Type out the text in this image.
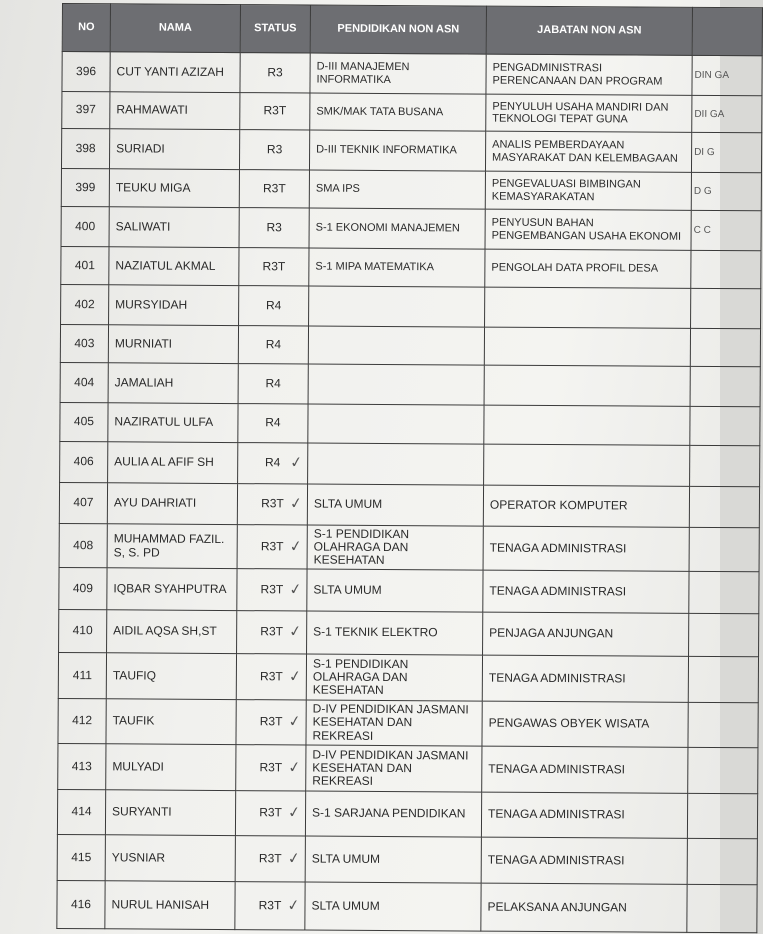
NO	NAMA	STATUS	PENDIDIKAN NON ASN	JABATAN NON ASN	
396	CUT YANTI AZIZAH	R3	D-III MANAJEMEN INFORMATIKA	PENGADMINISTRASI PERENCANAAN DAN PROGRAM	DIN GA
397	RAHMAWATI	R3T	SMK/MAK TATA BUSANA	PENYULUH USAHA MANDIRI DAN TEKNOLOGI TEPAT GUNA	DII GA
398	SURIADI	R3	D-III TEKNIK INFORMATIKA	ANALIS PEMBERDAYAAN MASYARAKAT DAN KELEMBAGAAN	DI G
399	TEUKU MIGA	R3T	SMA IPS	PENGEVALUASI BIMBINGAN KEMASYARAKATAN	D G
400	SALIWATI	R3	S-1 EKONOMI MANAJEMEN	PENYUSUN BAHAN PENGEMBANGAN USAHA EKONOMI	C C
401	NAZIATUL AKMAL	R3T	S-1 MIPA MATEMATIKA	PENGOLAH DATA PROFIL DESA	
402	MURSYIDAH	R4			
403	MURNIATI	R4			
404	JAMALIAH	R4			
405	NAZIRATUL ULFA	R4			
406	AULIA AL AFIF SH	R4 ✓			

407	AYU DAHRIATI	R3T ✓	SLTA UMUM	OPERATOR KOMPUTER	
408	MUHAMMAD FAZIL. S, S. PD	R3T ✓	S-1 PENDIDIKAN OLAHRAGA DAN KESEHATAN	TENAGA ADMINISTRASI	
409	IQBAR SYAHPUTRA	R3T ✓	SLTA UMUM	TENAGA ADMINISTRASI	
410	AIDIL AQSA SH,ST	R3T ✓	S-1 TEKNIK ELEKTRO	PENJAGA ANJUNGAN	
411	TAUFIQ	R3T ✓	S-1 PENDIDIKAN OLAHRAGA DAN KESEHATAN	TENAGA ADMINISTRASI	
412	TAUFIK	R3T ✓	D-IV PENDIDIKAN JASMANI KESEHATAN DAN REKREASI	PENGAWAS OBYEK WISATA	
413	MULYADI	R3T ✓	D-IV PENDIDIKAN JASMANI KESEHATAN DAN REKREASI	TENAGA ADMINISTRASI	
414	SURYANTI	R3T ✓	S-1 SARJANA PENDIDIKAN	TENAGA ADMINISTRASI	
415	YUSNIAR	R3T ✓	SLTA UMUM	TENAGA ADMINISTRASI	
416	NURUL HANISAH	R3T ✓	SLTA UMUM	PELAKSANA ANJUNGAN	
